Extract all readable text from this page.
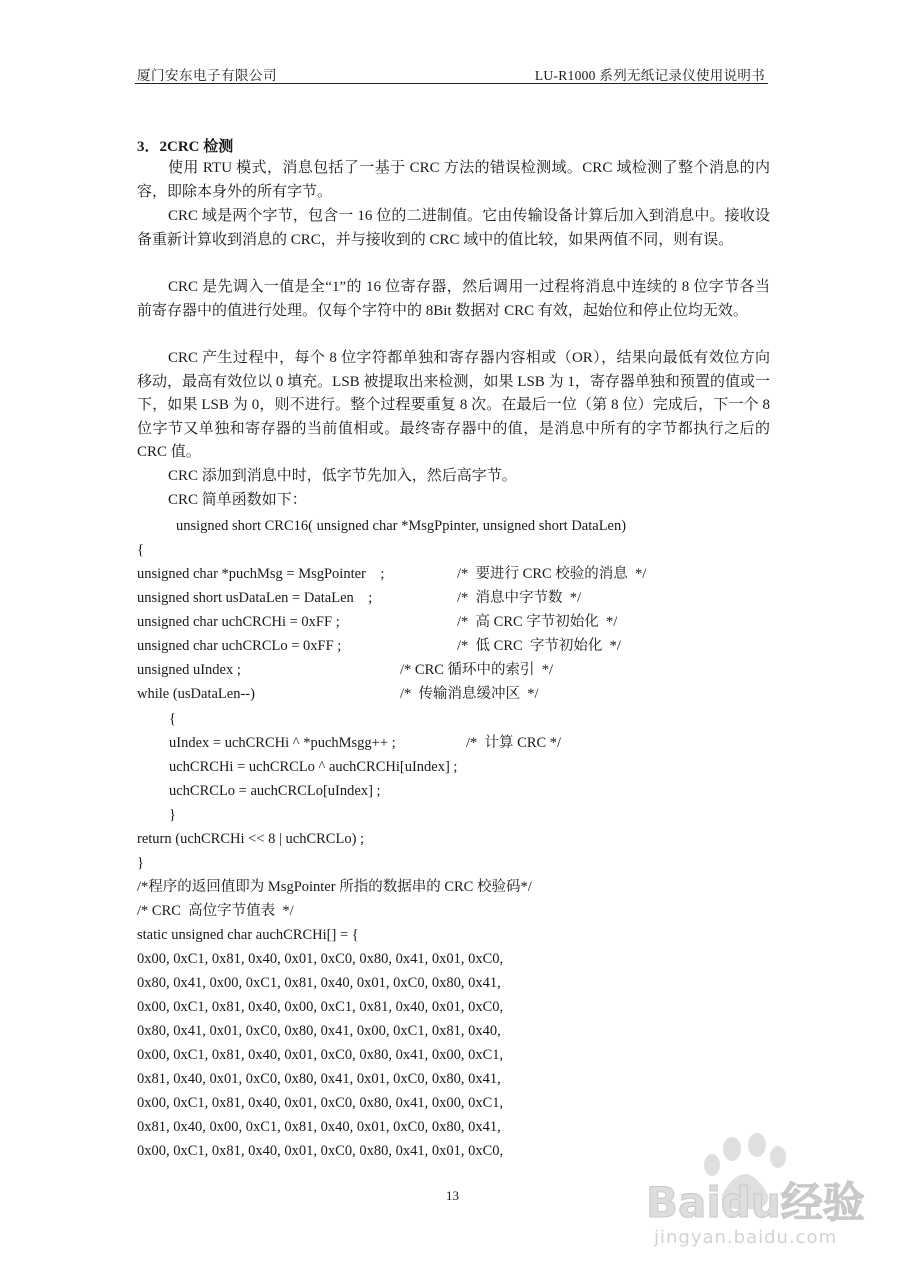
厦门安东电子有限公司	LU-R1000 系列无纸记录仪使用说明书
3．2CRC 检测

使用 RTU 模式，消息包括了一基于 CRC 方法的错误检测域。CRC 域检测了整个消息的内容，即除本身外的所有字节。

CRC 域是两个字节，包含一 16 位的二进制值。它由传输设备计算后加入到消息中。接收设备重新计算收到消息的 CRC，并与接收到的 CRC 域中的值比较，如果两值不同，则有误。

CRC 是先调入一值是全“1”的 16 位寄存器，然后调用一过程将消息中连续的 8 位字节各当前寄存器中的值进行处理。仅每个字符中的 8Bit 数据对 CRC 有效，起始位和停止位均无效。

CRC 产生过程中，每个 8 位字符都单独和寄存器内容相或（OR），结果向最低有效位方向移动，最高有效位以 0 填充。LSB 被提取出来检测，如果 LSB 为 1，寄存器单独和预置的值或一下，如果 LSB 为 0，则不进行。整个过程要重复 8 次。在最后一位（第 8 位）完成后，下一个 8 位字节又单独和寄存器的当前值相或。最终寄存器中的值，是消息中所有的字节都执行之后的 CRC 值。

CRC 添加到消息中时，低字节先加入，然后高字节。

CRC 简单函数如下：

unsigned short CRC16( unsigned char *MsgPpinter, unsigned short DataLen)
{
unsigned char *puchMsg = MsgPointer    ;	/*  要进行 CRC 校验的消息  */
unsigned short usDataLen = DataLen    ;	/*  消息中字节数  */
unsigned char uchCRCHi = 0xFF ;	/*  高 CRC 字节初始化  */
unsigned char uchCRCLo = 0xFF ;	/*  低 CRC  字节初始化  */
unsigned uIndex ;	/* CRC 循环中的索引  */
while (usDataLen--)	/*  传输消息缓冲区  */
{
uIndex = uchCRCHi ^ *puchMsgg++ ;	/*  计算 CRC */
uchCRCHi = uchCRCLo ^ auchCRCHi[uIndex] ;
uchCRCLo = auchCRCLo[uIndex] ;
}
return (uchCRCHi << 8 | uchCRCLo) ;
}
/*程序的返回值即为 MsgPointer 所指的数据串的 CRC 校验码*/
/* CRC  高位字节值表  */
static unsigned char auchCRCHi[] = {
0x00, 0xC1, 0x81, 0x40, 0x01, 0xC0, 0x80, 0x41, 0x01, 0xC0,
0x80, 0x41, 0x00, 0xC1, 0x81, 0x40, 0x01, 0xC0, 0x80, 0x41,
0x00, 0xC1, 0x81, 0x40, 0x00, 0xC1, 0x81, 0x40, 0x01, 0xC0,
0x80, 0x41, 0x01, 0xC0, 0x80, 0x41, 0x00, 0xC1, 0x81, 0x40,
0x00, 0xC1, 0x81, 0x40, 0x01, 0xC0, 0x80, 0x41, 0x00, 0xC1,
0x81, 0x40, 0x01, 0xC0, 0x80, 0x41, 0x01, 0xC0, 0x80, 0x41,
0x00, 0xC1, 0x81, 0x40, 0x01, 0xC0, 0x80, 0x41, 0x00, 0xC1,
0x81, 0x40, 0x00, 0xC1, 0x81, 0x40, 0x01, 0xC0, 0x80, 0x41,
0x00, 0xC1, 0x81, 0x40, 0x01, 0xC0, 0x80, 0x41, 0x01, 0xC0,
13	Baidu经验
jingyan.baidu.com
